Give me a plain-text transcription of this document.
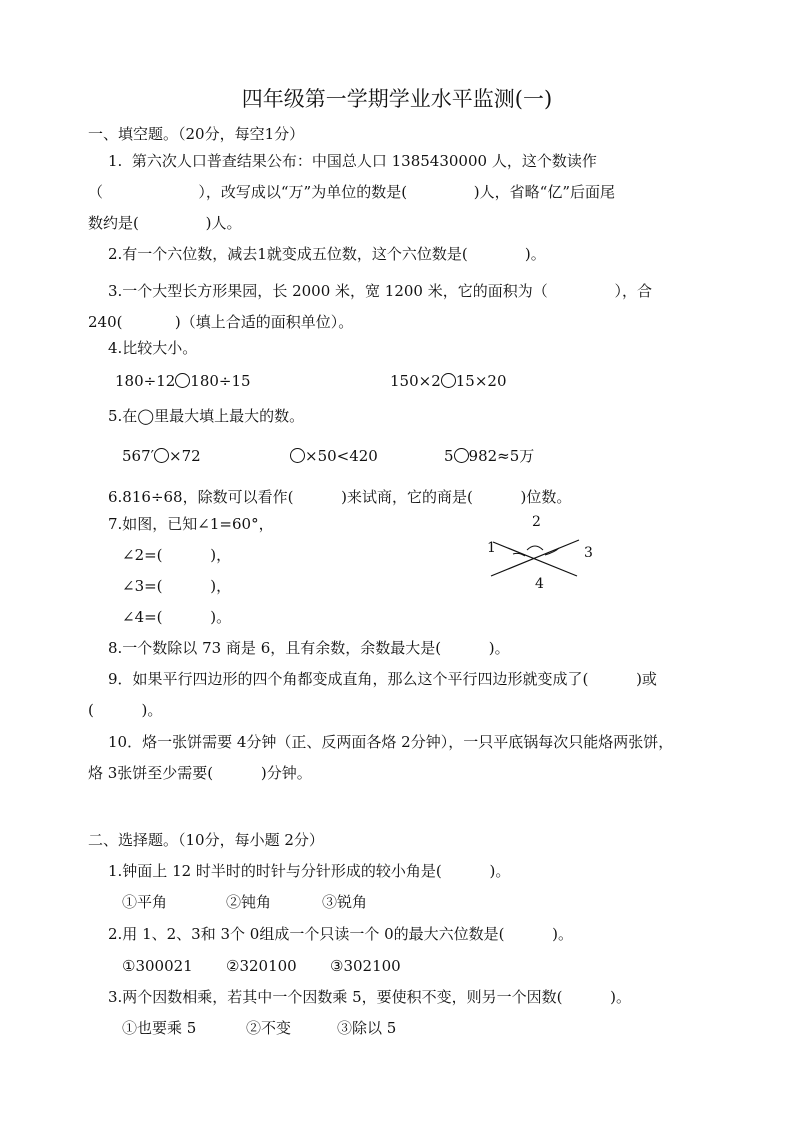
四年级第一学期学业水平监测(一)
一、填空题。（20分，每空1分）
1.  第六次人口普查结果公布：中国总人口 1385430000 人，这个数读作
（                    ），改写成以“万”为单位的数是(              )人，省略“亿”后面尾
数约是(              )人。
2.有一个六位数，减去1就变成五位数，这个六位数是(            )。
3.一个大型长方形果园，长 2000 米，宽 1200 米，它的面积为（              ），合
240(           )（填上合适的面积单位）。
4.比较大小。
180÷12 180÷15	150×2 15×20
5.在◯里最大填上最大的数。
567′ ×72	×50<420	5 982≈5万
6.816÷68，除数可以看作(          )来试商，它的商是(          )位数。
7.如图，已知∠1=60°，
∠2=(          )，
∠3=(          )，
∠4=(          )。
2
1	3
4
8.一个数除以 73 商是 6，且有余数，余数最大是(          )。
9．如果平行四边形的四个角都变成直角，那么这个平行四边形就变成了(          )或
(          )。
10．烙一张饼需要 4分钟（正、反两面各烙 2分钟），一只平底锅每次只能烙两张饼，
烙 3张饼至少需要(          )分钟。
二、选择题。（10分，每小题 2分）
1.钟面上 12 时半时的时针与分针形成的较小角是(          )。
①平角	②钝角	③锐角
2.用 1、2、3和 3个 0组成一个只读一个 0的最大六位数是(          )。
①300021 ②320100 ③302100
3.两个因数相乘，若其中一个因数乘 5，要使积不变，则另一个因数(          )。
①也要乘 5	②不变	③除以 5
